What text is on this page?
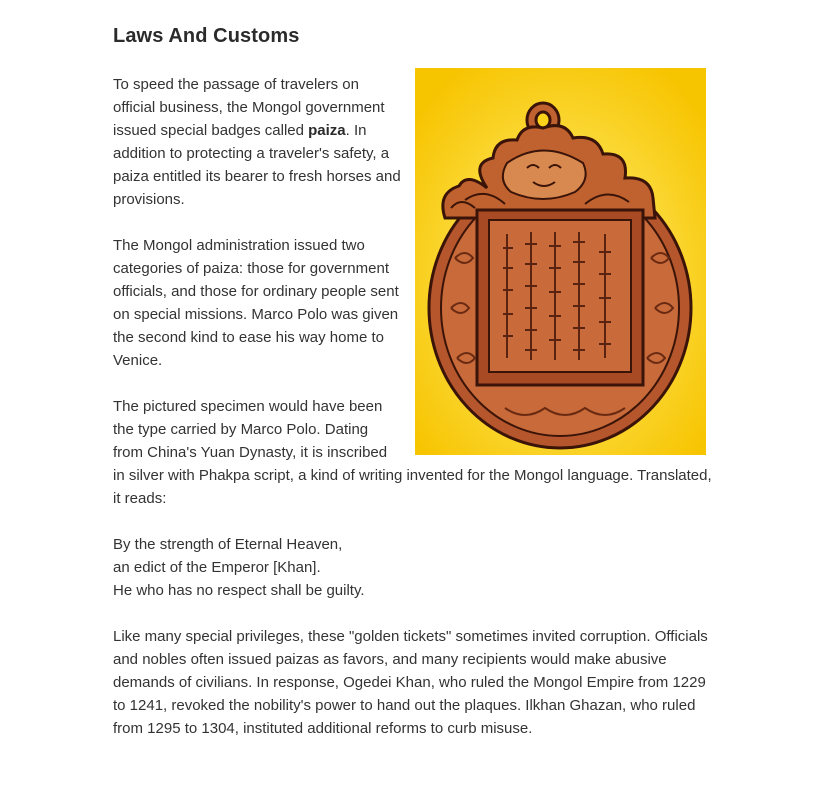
Laws And Customs

To speed the passage of travelers on official business, the Mongol government issued special badges called paiza. In addition to protecting a traveler's safety, a paiza entitled its bearer to fresh horses and provisions.

The Mongol administration issued two categories of paiza: those for government officials, and those for ordinary people sent on special missions. Marco Polo was given the second kind to ease his way home to Venice.

The pictured specimen would have been the type carried by Marco Polo. Dating from China's Yuan Dynasty, it is inscribed in silver with Phakpa script, a kind of writing invented for the Mongol language. Translated, it reads:

By the strength of Eternal Heaven,
an edict of the Emperor [Khan].
He who has no respect shall be guilty.

Like many special privileges, these "golden tickets" sometimes invited corruption. Officials and nobles often issued paizas as favors, and many recipients would make abusive demands of civilians. In response, Ogedei Khan, who ruled the Mongol Empire from 1229 to 1241, revoked the nobility's power to hand out the plaques. Ilkhan Ghazan, who ruled from 1295 to 1304, instituted additional reforms to curb misuse.
